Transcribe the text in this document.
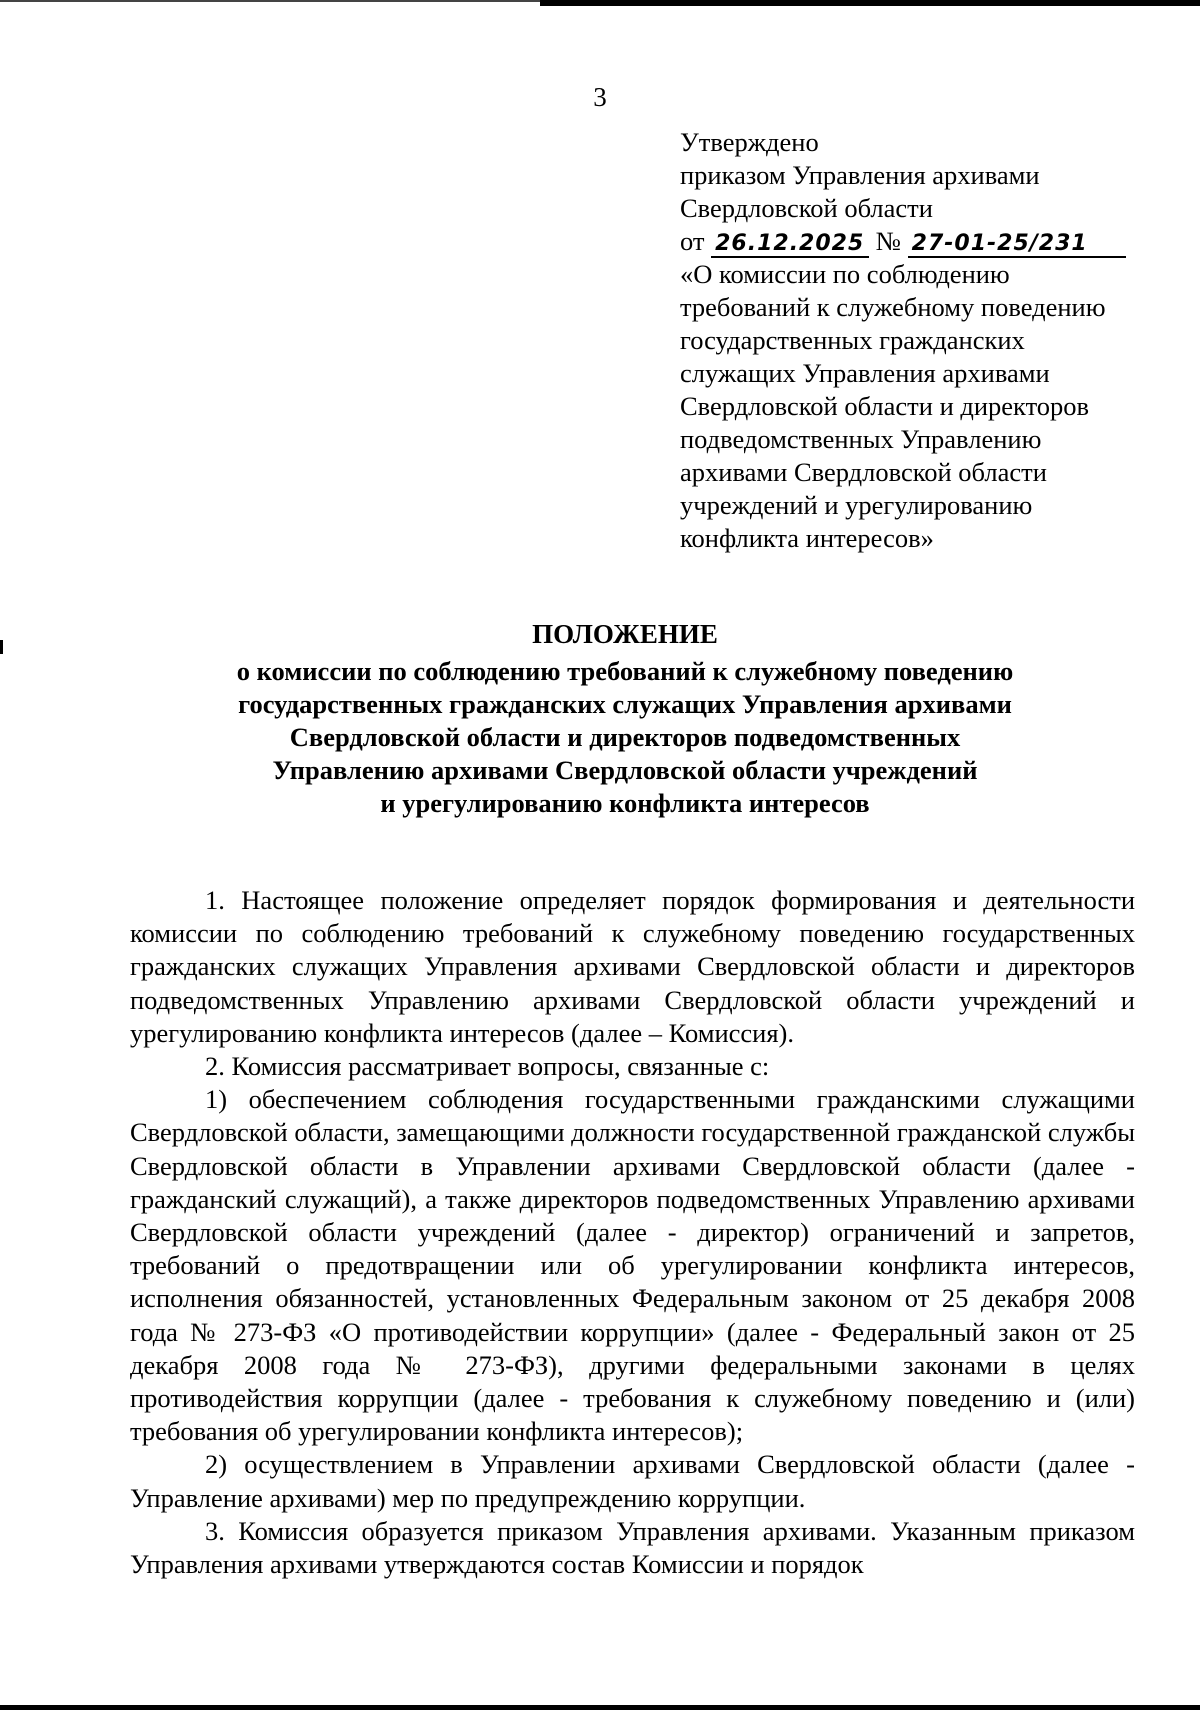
3
Утверждено
приказом Управления архивами
Свердловской области
от 26.12.2025 № 27-01-25/231
«О комиссии по соблюдению
требований к служебному поведению
государственных гражданских
служащих Управления архивами
Свердловской области и директоров
подведомственных Управлению
архивами Свердловской области
учреждений и урегулированию
конфликта интересов»
ПОЛОЖЕНИЕ
о комиссии по соблюдению требований к служебному поведению
государственных гражданских служащих Управления архивами
Свердловской области и директоров подведомственных
Управлению архивами Свердловской области учреждений
и урегулированию конфликта интересов

1. Настоящее положение определяет порядок формирования и деятельности комиссии по соблюдению требований к служебному поведению государственных гражданских служащих Управления архивами Свердловской области и директоров подведомственных Управлению архивами Свердловской области учреждений и урегулированию конфликта интересов (далее – Комиссия).

2. Комиссия рассматривает вопросы, связанные с:

1) обеспечением соблюдения государственными гражданскими служащими Свердловской области, замещающими должности государственной гражданской службы Свердловской области в Управлении архивами Свердловской области (далее - гражданский служащий), а также директоров подведомственных Управлению архивами Свердловской области учреждений (далее - директор) ограничений и запретов, требований о предотвращении или об урегулировании конфликта интересов, исполнения обязанностей, установленных Федеральным законом от 25 декабря 2008 года № 273-ФЗ «О противодействии коррупции» (далее - Федеральный закон от 25 декабря 2008 года № 273-ФЗ), другими федеральными законами в целях противодействия коррупции (далее - требования к служебному поведению и (или) требования об урегулировании конфликта интересов);

2) осуществлением в Управлении архивами Свердловской области (далее - Управление архивами) мер по предупреждению коррупции.

3. Комиссия образуется приказом Управления архивами. Указанным приказом Управления архивами утверждаются состав Комиссии и порядок
